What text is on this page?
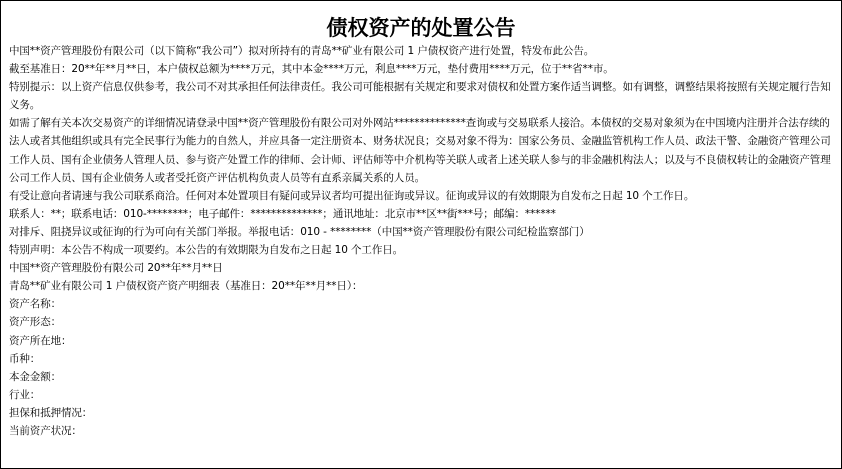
债权资产的处置公告

中国**资产管理股份有限公司（以下简称“我公司”）拟对所持有的青岛**矿业有限公司 1 户债权资产进行处置，特发布此公告。

截至基准日：20**年**月**日，本户债权总额为****万元，其中本金****万元，利息****万元，垫付费用****万元，位于**省**市。

特别提示：以上资产信息仅供参考，我公司不对其承担任何法律责任。我公司可能根据有关规定和要求对债权和处置方案作适当调整。如有调整，调整结果将按照有关规定履行告知义务。

如需了解有关本次交易资产的详细情况请登录中国**资产管理股份有限公司对外网站**************查询或与交易联系人接洽。本债权的交易对象须为在中国境内注册并合法存续的法人或者其他组织或具有完全民事行为能力的自然人，并应具备一定注册资本、财务状况良；交易对象不得为：国家公务员、金融监管机构工作人员、政法干警、金融资产管理公司工作人员、国有企业债务人管理人员、参与资产处置工作的律师、会计师、评估师等中介机构等关联人或者上述关联人参与的非金融机构法人；以及与不良债权转让的金融资产管理公司工作人员、国有企业债务人或者受托资产评估机构负责人员等有直系亲属关系的人员。

有受让意向者请速与我公司联系商洽。任何对本处置项目有疑问或异议者均可提出征询或异议。征询或异议的有效期限为自发布之日起 10 个工作日。

联系人：**；联系电话：010-********；电子邮件：**************；通讯地址：北京市**区**街***号；邮编：******

对排斥、阻挠异议或征询的行为可向有关部门举报。举报电话：010 - ********（中国**资产管理股份有限公司纪检监察部门）

特别声明：本公告不构成一项要约。本公告的有效期限为自发布之日起 10 个工作日。

中国**资产管理股份有限公司 20**年**月**日

青岛**矿业有限公司 1 户债权资产资产明细表（基准日：20**年**月**日）：

资产名称：

资产形态：

资产所在地：

币种：

本金金额：

行业：

担保和抵押情况：

当前资产状况：
